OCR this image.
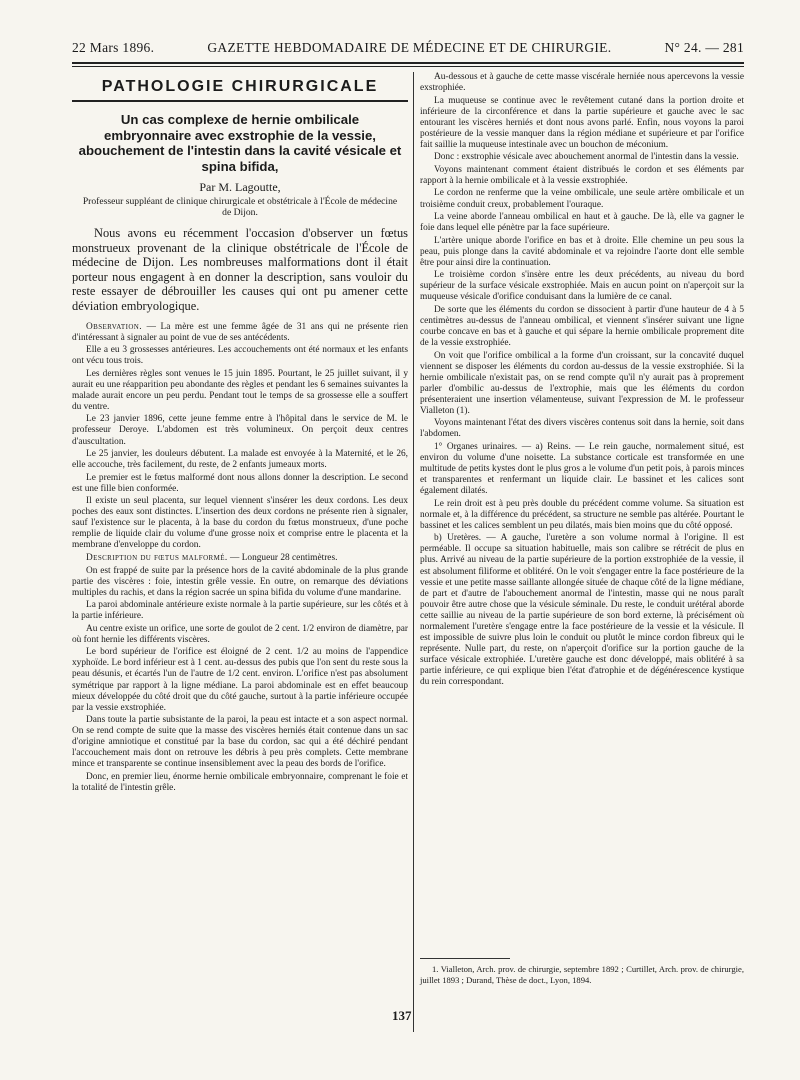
22 Mars 1896.	GAZETTE HEBDOMADAIRE DE MÉDECINE ET DE CHIRURGIE.	N° 24. — 281
PATHOLOGIE CHIRURGICALE
Un cas complexe de hernie ombilicale embryonnaire avec exstrophie de la vessie, abouchement de l'intestin dans la cavité vésicale et spina bifida,
Par M. Lagoutte,
Professeur suppléant de clinique chirurgicale et obstétricale à l'École de médecine de Dijon.

Nous avons eu récemment l'occasion d'observer un fœtus monstrueux provenant de la clinique obstétricale de l'École de médecine de Dijon. Les nombreuses malformations dont il était porteur nous engagent à en donner la description, sans vouloir du reste essayer de débrouiller les causes qui ont pu amener cette déviation embryologique.

Observation. — La mère est une femme âgée de 31 ans qui ne présente rien d'intéressant à signaler au point de vue de ses antécédents.

Elle a eu 3 grossesses antérieures. Les accouchements ont été normaux et les enfants ont vécu tous trois.

Les dernières règles sont venues le 15 juin 1895. Pourtant, le 25 juillet suivant, il y aurait eu une réapparition peu abondante des règles et pendant les 6 semaines suivantes la malade aurait encore un peu perdu. Pendant tout le temps de sa grossesse elle a souffert du ventre.

Le 23 janvier 1896, cette jeune femme entre à l'hôpital dans le service de M. le professeur Deroye. L'abdomen est très volumineux. On perçoit deux centres d'auscultation.

Le 25 janvier, les douleurs débutent. La malade est envoyée à la Maternité, et le 26, elle accouche, très facilement, du reste, de 2 enfants jumeaux morts.

Le premier est le fœtus malformé dont nous allons donner la description. Le second est une fille bien conformée.

Il existe un seul placenta, sur lequel viennent s'insérer les deux cordons. Les deux poches des eaux sont distinctes. L'insertion des deux cordons ne présente rien à signaler, sauf l'existence sur le placenta, à la base du cordon du fœtus monstrueux, d'une poche remplie de liquide clair du volume d'une grosse noix et comprise entre le placenta et la membrane d'enveloppe du cordon.

Description du fœtus malformé. — Longueur 28 centimètres.

On est frappé de suite par la présence hors de la cavité abdominale de la plus grande partie des viscères : foie, intestin grêle vessie. En outre, on remarque des déviations multiples du rachis, et dans la région sacrée un spina bifida du volume d'une mandarine.

La paroi abdominale antérieure existe normale à la partie supérieure, sur les côtés et à la partie inférieure.

Au centre existe un orifice, une sorte de goulot de 2 cent. 1/2 environ de diamètre, par où font hernie les différents viscères.

Le bord supérieur de l'orifice est éloigné de 2 cent. 1/2 au moins de l'appendice xyphoïde. Le bord inférieur est à 1 cent. au-dessus des pubis que l'on sent du reste sous la peau désunis, et écartés l'un de l'autre de 1/2 cent. environ. L'orifice n'est pas absolument symétrique par rapport à la ligne médiane. La paroi abdominale est en effet beaucoup mieux développée du côté droit que du côté gauche, surtout à la partie inférieure occupée par la vessie exstrophiée.

Dans toute la partie subsistante de la paroi, la peau est intacte et a son aspect normal. On se rend compte de suite que la masse des viscères herniés était contenue dans un sac d'origine amniotique et constitué par la base du cordon, sac qui a été déchiré pendant l'accouchement mais dont on retrouve les débris à peu près complets. Cette membrane mince et transparente se continue insensiblement avec la peau des bords de l'orifice.

Donc, en premier lieu, énorme hernie ombilicale embryonnaire, comprenant le foie et la totalité de l'intestin grêle.

Au-dessous et à gauche de cette masse viscérale herniée nous apercevons la vessie exstrophiée.

La muqueuse se continue avec le revêtement cutané dans la portion droite et inférieure de la circonférence et dans la partie supérieure et gauche avec le sac entourant les viscères herniés et dont nous avons parlé. Enfin, nous voyons la paroi postérieure de la vessie manquer dans la région médiane et supérieure et par l'orifice fait saillie la muqueuse intestinale avec un bouchon de méconium.

Donc : exstrophie vésicale avec abouchement anormal de l'intestin dans la vessie.

Voyons maintenant comment étaient distribués le cordon et ses éléments par rapport à la hernie ombilicale et à la vessie exstrophiée.

Le cordon ne renferme que la veine ombilicale, une seule artère ombilicale et un troisième conduit creux, probablement l'ouraque.

La veine aborde l'anneau ombilical en haut et à gauche. De là, elle va gagner le foie dans lequel elle pénètre par la face supérieure.

L'artère unique aborde l'orifice en bas et à droite. Elle chemine un peu sous la peau, puis plonge dans la cavité abdominale et va rejoindre l'aorte dont elle semble être pour ainsi dire la continuation.

Le troisième cordon s'insère entre les deux précédents, au niveau du bord supérieur de la surface vésicale exstrophiée. Mais en aucun point on n'aperçoit sur la muqueuse vésicale d'orifice conduisant dans la lumière de ce canal.

De sorte que les éléments du cordon se dissocient à partir d'une hauteur de 4 à 5 centimètres au-dessus de l'anneau ombilical, et viennent s'insérer suivant une ligne courbe concave en bas et à gauche et qui sépare la hernie ombilicale proprement dite de la vessie exstrophiée.

On voit que l'orifice ombilical a la forme d'un croissant, sur la concavité duquel viennent se disposer les éléments du cordon au-dessus de la vessie exstrophiée. Si la hernie ombilicale n'existait pas, on se rend compte qu'il n'y aurait pas à proprement parler d'ombilic au-dessus de l'extrophie, mais que les éléments du cordon présenteraient une insertion vélamenteuse, suivant l'expression de M. le professeur Vialleton (1).

Voyons maintenant l'état des divers viscères contenus soit dans la hernie, soit dans l'abdomen.

1° Organes urinaires. — a) Reins. — Le rein gauche, normalement situé, est environ du volume d'une noisette. La substance corticale est transformée en une multitude de petits kystes dont le plus gros a le volume d'un petit pois, à parois minces et transparentes et renfermant un liquide clair. Le bassinet et les calices sont également dilatés.

Le rein droit est à peu près double du précédent comme volume. Sa situation est normale et, à la différence du précédent, sa structure ne semble pas altérée. Pourtant le bassinet et les calices semblent un peu dilatés, mais bien moins que du côté opposé.

b) Uretères. — A gauche, l'uretère a son volume normal à l'origine. Il est perméable. Il occupe sa situation habituelle, mais son calibre se rétrécit de plus en plus. Arrivé au niveau de la partie supérieure de la portion exstrophiée de la vessie, il est absolument filiforme et oblitéré. On le voit s'engager entre la face postérieure de la vessie et une petite masse saillante allongée située de chaque côté de la ligne médiane, de part et d'autre de l'abouchement anormal de l'intestin, masse qui ne nous paraît pouvoir être autre chose que la vésicule séminale. Du reste, le conduit urétéral aborde cette saillie au niveau de la partie supérieure de son bord externe, là précisément où normalement l'uretère s'engage entre la face postérieure de la vessie et la vésicule. Il est impossible de suivre plus loin le conduit ou plutôt le mince cordon fibreux qui le représente. Nulle part, du reste, on n'aperçoit d'orifice sur la portion gauche de la surface vésicale extrophiée. L'uretère gauche est donc développé, mais oblitéré à sa partie inférieure, ce qui explique bien l'état d'atrophie et de dégénérescence kystique du rein correspondant.

1. Vialleton, Arch. prov. de chirurgie, septembre 1892 ; Curtillet, Arch. prov. de chirurgie, juillet 1893 ; Durand, Thèse de doct., Lyon, 1894.
137
